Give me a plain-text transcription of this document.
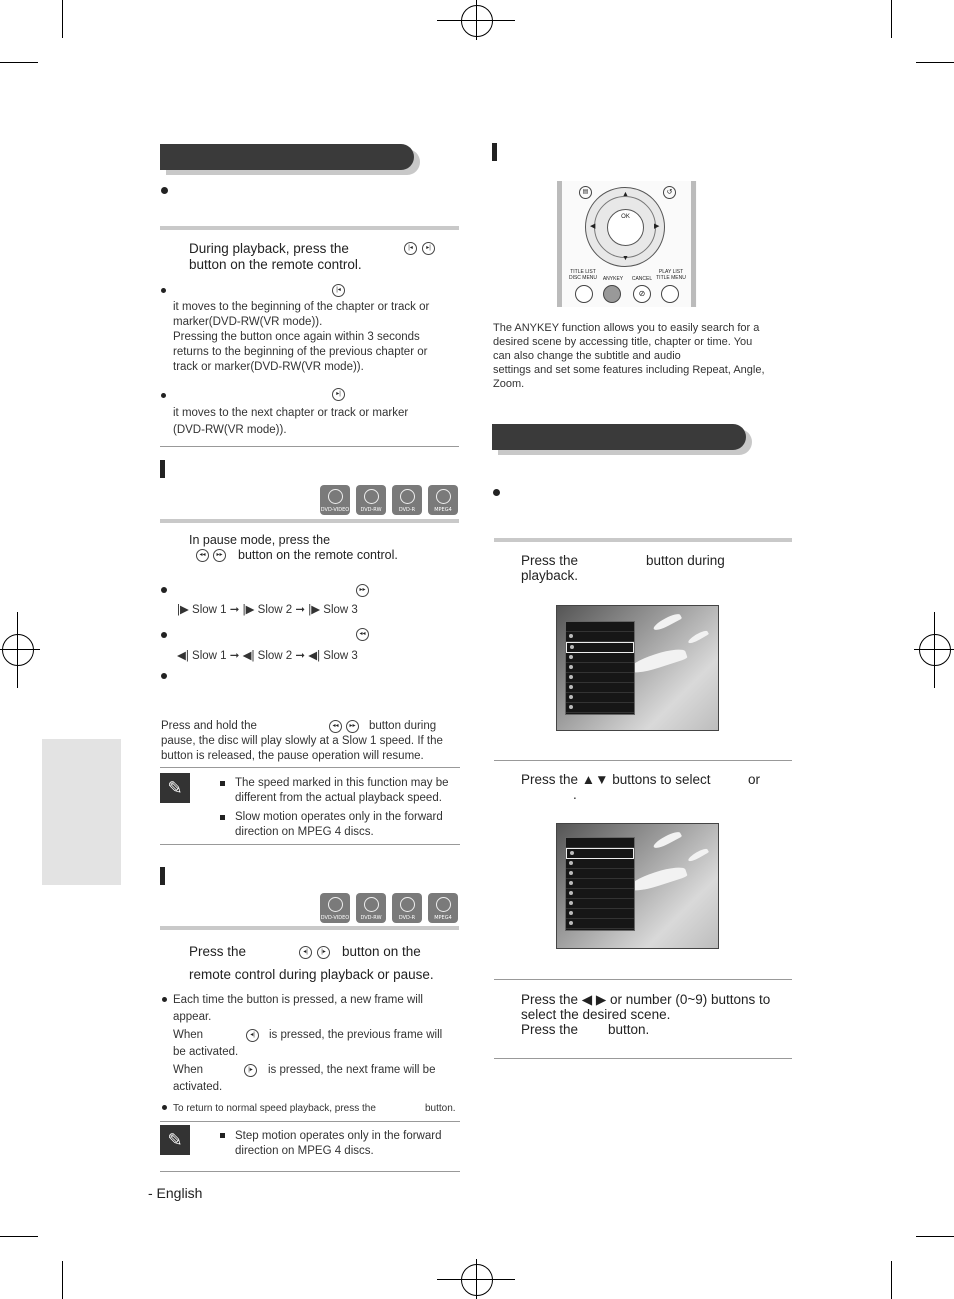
During playback, press the	|◂	▸|
button on the remote control.
|◂
it moves to the beginning of the chapter or track or
marker(DVD-RW(VR mode)).
Pressing the button once again within 3 seconds
returns to the beginning of the previous chapter or
track or marker(DVD-RW(VR mode)).
▸|
it moves to the next chapter or track or marker
(DVD-RW(VR mode)).
DVD-VIDEO	DVD-RW	DVD-R	MPEG4
In pause mode, press the
◂◂	▸▸ button on the remote control.
▸▸
|▶ Slow 1 ➞ |▶ Slow 2 ➞ |▶ Slow 3
◂◂
◀| Slow 1 ➞ ◀| Slow 2 ➞ ◀| Slow 3
Press and hold the	◂◂	▸▸	button during
pause, the disc will play slowly at a Slow 1 speed. If the
button is released, the pause operation will resume.
✎	The speed marked in this function may be
different from the actual playback speed.
Slow motion operates only in the forward
direction on MPEG 4 discs.
DVD-VIDEO	DVD-RW	DVD-R	MPEG4
Press the	◂|	|▸	button on the
remote control during playback or pause.
Each time the button is pressed, a new frame will
appear.
When	◂|	is pressed, the previous frame will
be activated.
When	|▸	is pressed, the next frame will be
activated.
To return to normal speed playback, press the	button.
✎	Step motion operates only in the forward
direction on MPEG 4 discs.
- English
OK
▲
▼
◀	▶
▤	↺
TITLE LIST
DISC MENU	ANYKEY	CANCEL
PLAY LIST
TITLE MENU
⊘
The ANYKEY function allows you to easily search for a
desired scene by accessing title, chapter or time. You
can also change the subtitle and audio
settings and set some features including Repeat, Angle,
Zoom.
Press the	button during
playback.
Press the ▲▼ buttons to select	or
.
Press the ◀ ▶ or number (0~9) buttons to
select the desired scene.
Press the button.
